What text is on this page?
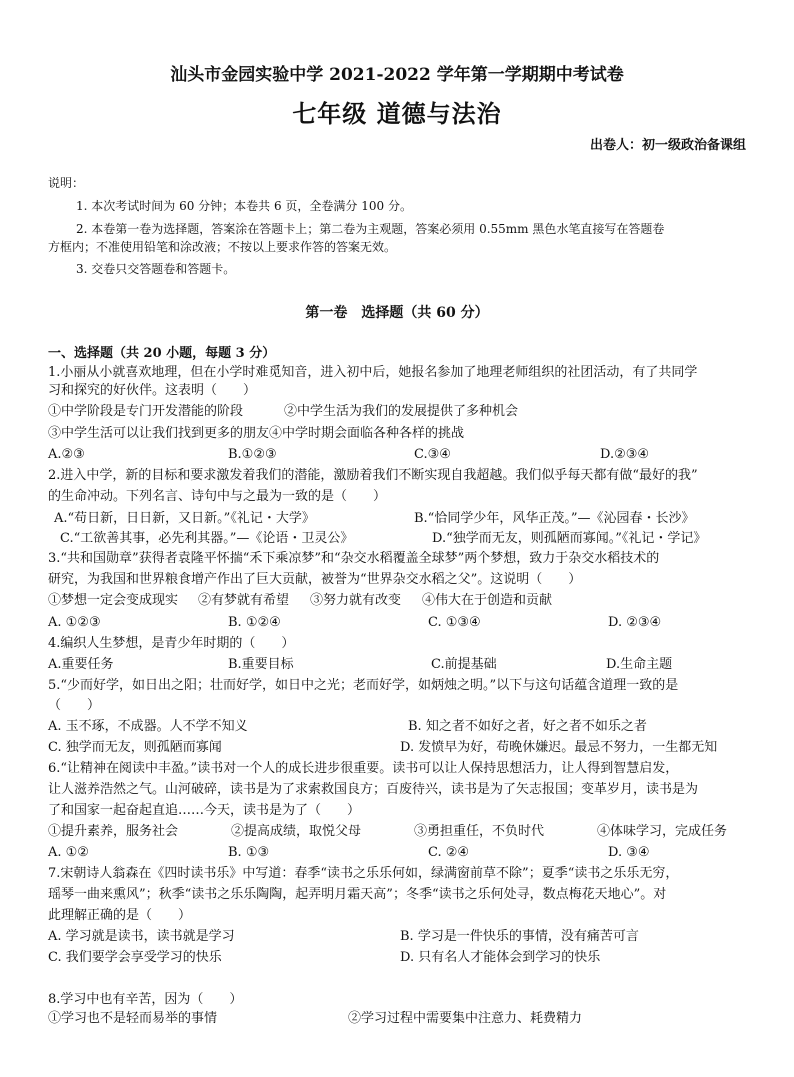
汕头市金园实验中学 2021-2022 学年第一学期期中考试卷
七年级 道德与法治
出卷人：初一级政治备课组
说明：
1. 本次考试时间为 60 分钟；本卷共 6 页，全卷满分 100 分。
2. 本卷第一卷为选择题，答案涂在答题卡上；第二卷为主观题，答案必须用 0.55mm 黑色水笔直接写在答题卷
方框内；不准使用铅笔和涂改液；不按以上要求作答的答案无效。
3. 交卷只交答题卷和答题卡。
第一卷　选择题（共 60 分）
一、选择题（共 20 小题，每题 3 分）
1.小丽从小就喜欢地理，但在小学时难觅知音，进入初中后，她报名参加了地理老师组织的社团活动，有了共同学
习和探究的好伙伴。这表明（　　）
①中学阶段是专门开发潜能的阶段	②中学生活为我们的发展提供了多种机会
③中学生活可以让我们找到更多的朋友④中学时期会面临各种各样的挑战
A.②③	B.①②③	C.③④	D.②③④
2.进入中学，新的目标和要求激发着我们的潜能，激励着我们不断实现自我超越。我们似乎每天都有做“最好的我”
的生命冲动。下列名言、诗句中与之最为一致的是（　　）
A.“苟日新，日日新，又日新。”《礼记・大学》	B.“恰同学少年，风华正茂。”—《沁园春・长沙》
C.“工欲善其事，必先利其器。”—《论语・卫灵公》	D.“独学而无友，则孤陋而寡闻。”《礼记・学记》
3.“共和国勋章”获得者袁隆平怀揣“禾下乘凉梦”和“杂交水稻覆盖全球梦”两个梦想，致力于杂交水稻技术的
研究，为我国和世界粮食增产作出了巨大贡献，被誉为“世界杂交水稻之父”。这说明（　　）
①梦想一定会变成现实	②有梦就有希望	③努力就有改变	④伟大在于创造和贡献
A. ①②③	B. ①②④	C. ①③④	D. ②③④
4.编织人生梦想，是青少年时期的（　　）
A.重要任务	B.重要目标	C.前提基础	D.生命主题
5.“少而好学，如日出之阳；壮而好学，如日中之光；老而好学，如炳烛之明。”以下与这句话蕴含道理一致的是
（　　）
A. 玉不琢，不成器。人不学不知义	B. 知之者不如好之者，好之者不如乐之者
C. 独学而无友，则孤陋而寡闻	D. 发愤早为好，苟晚休嫌迟。最忌不努力，一生都无知
6.“让精神在阅读中丰盈。”读书对一个人的成长进步很重要。读书可以让人保持思想活力，让人得到智慧启发，
让人滋养浩然之气。山河破碎，读书是为了求索救国良方；百废待兴，读书是为了矢志报国；变革岁月，读书是为
了和国家一起奋起直追……今天，读书是为了（　　）
①提升素养，服务社会	②提高成绩，取悦父母	③勇担重任，不负时代	④体味学习，完成任务
A. ①②	B. ①③	C. ②④	D. ③④
7.宋朝诗人翁森在《四时读书乐》中写道：春季“读书之乐乐何如，绿满窗前草不除”；夏季“读书之乐乐无穷，
瑶琴一曲来熏风”；秋季“读书之乐乐陶陶，起弄明月霜天高”；冬季“读书之乐何处寻，数点梅花天地心”。对
此理解正确的是（　　）
A. 学习就是读书，读书就是学习	B. 学习是一件快乐的事情，没有痛苦可言
C. 我们要学会享受学习的快乐	D. 只有名人才能体会到学习的快乐
8.学习中也有辛苦，因为（　　）
①学习也不是轻而易举的事情	②学习过程中需要集中注意力、耗费精力
